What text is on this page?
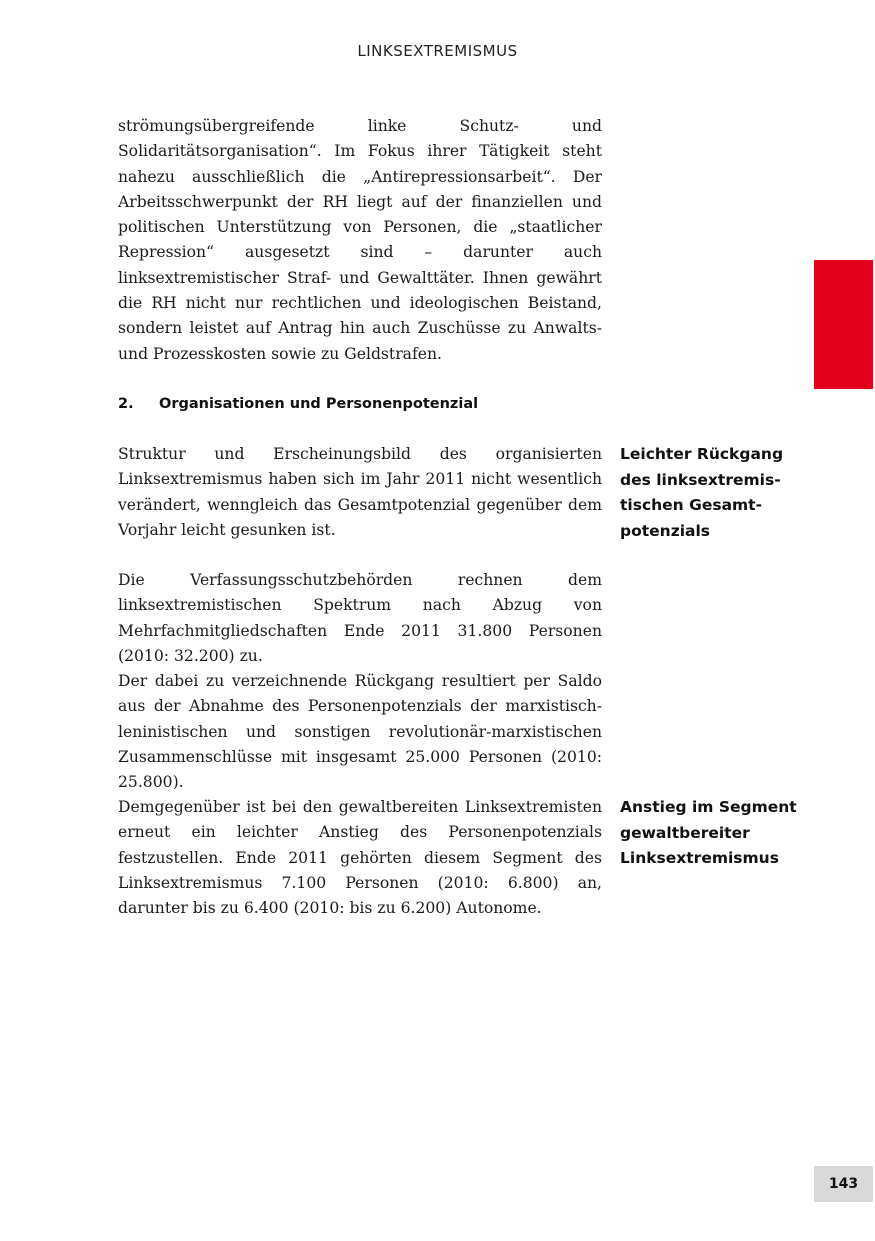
LINKSEXTREMISMUS

strömungsübergreifende linke Schutz- und Solidaritätsorganisation“. Im Fokus ihrer Tätigkeit steht nahezu ausschließlich die „Antirepressionsarbeit“. Der Arbeitsschwerpunkt der RH liegt auf der finanziellen und politischen Unterstützung von Personen, die „staatlicher Repression“ ausgesetzt sind – darunter auch linksextremistischer Straf- und Gewalttäter. Ihnen gewährt die RH nicht nur rechtlichen und ideologischen Beistand, sondern leistet auf Antrag hin auch Zuschüsse zu Anwalts- und Prozesskosten sowie zu Geldstrafen.

2. Organisationen und Personenpotenzial

Struktur und Erscheinungsbild des organisierten Linksextremismus haben sich im Jahr 2011 nicht wesentlich verändert, wenngleich das Gesamtpotenzial gegenüber dem Vorjahr leicht gesunken ist.

Die Verfassungsschutzbehörden rechnen dem linksextremistischen Spektrum nach Abzug von Mehrfachmitgliedschaften Ende 2011 31.800 Personen (2010: 32.200) zu.

Der dabei zu verzeichnende Rückgang resultiert per Saldo aus der Abnahme des Personenpotenzials der marxistisch-leninistischen und sonstigen revolutionär-marxistischen Zusammenschlüsse mit insgesamt 25.000 Personen (2010: 25.800).

Demgegenüber ist bei den gewaltbereiten Linksextremisten erneut ein leichter Anstieg des Personenpotenzials festzustellen. Ende 2011 gehörten diesem Segment des Linksextremismus 7.100 Personen (2010: 6.800) an, darunter bis zu 6.400 (2010: bis zu 6.200) Autonome.

Leichter Rückgang
des linksextremis-
tischen Gesamt-
potenzials
Anstieg im Segment
gewaltbereiter
Linksextremismus
143
